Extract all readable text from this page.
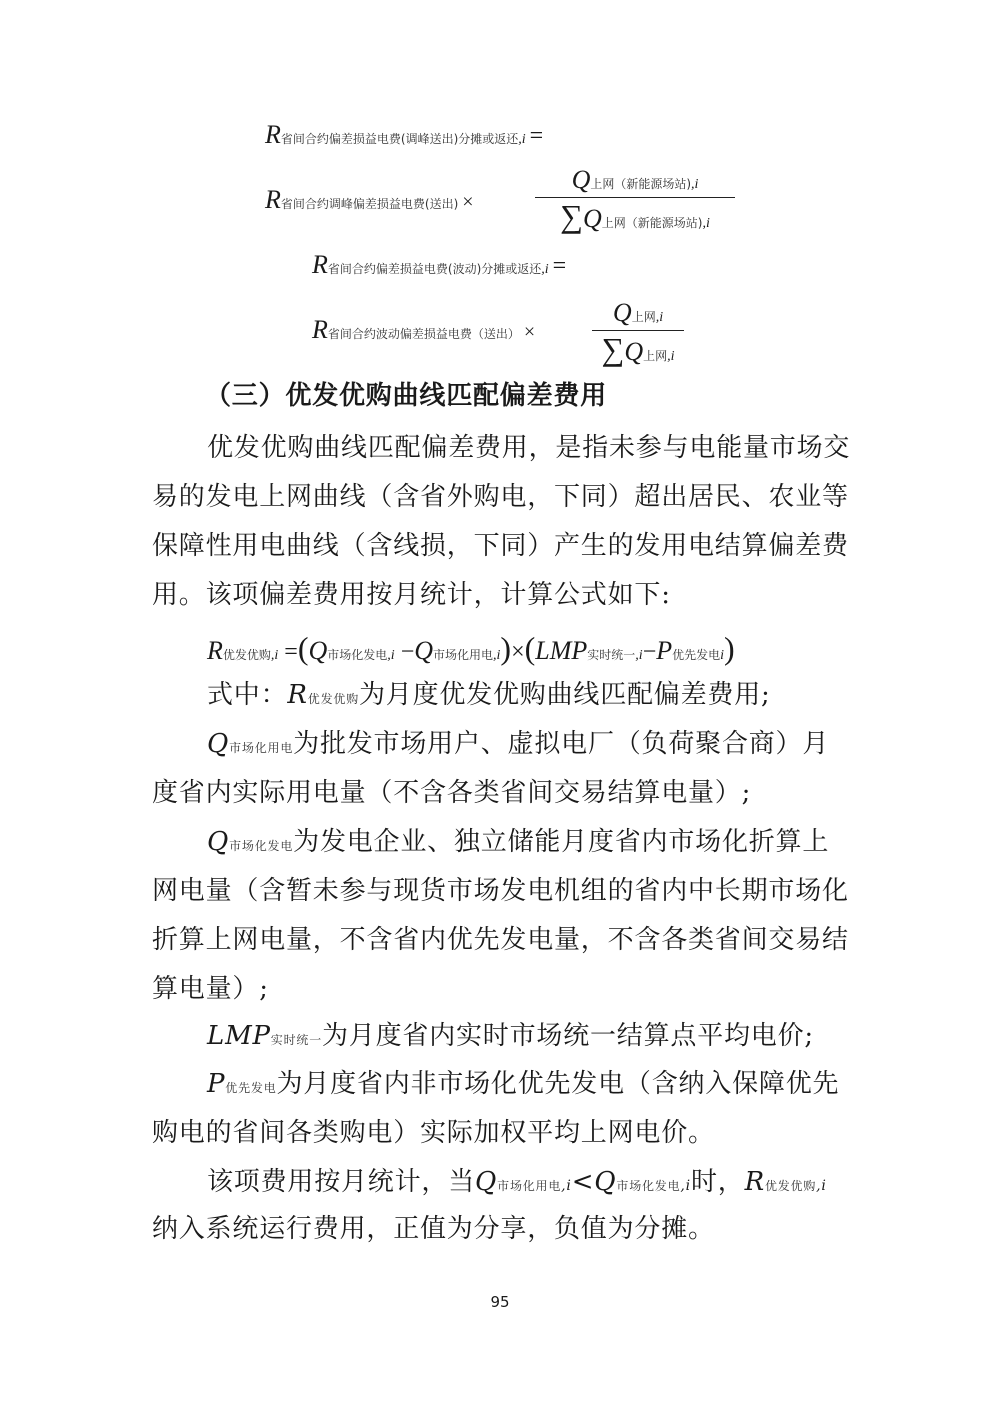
R省间合约偏差损益电费(调峰送出)分摊或返还,i =
R省间合约调峰偏差损益电费(送出) ×
Q上网（新能源场站),i
∑Q上网（新能源场站),i
R省间合约偏差损益电费(波动)分摊或返还,i =
R省间合约波动偏差损益电费（送出） ×
Q上网,i
∑Q上网,i
（三）优发优购曲线匹配偏差费用
优发优购曲线匹配偏差费用，是指未参与电能量市场交
易的发电上网曲线（含省外购电，下同）超出居民、农业等
保障性用电曲线（含线损，下同）产生的发用电结算偏差费
用。该项偏差费用按月统计，计算公式如下:
R优发优购,i =(Q市场化发电,i −Q市场化用电,i)×(LMP实时统一,i−P优先发电i)
式中：R优发优购为月度优发优购曲线匹配偏差费用;
Q市场化用电为批发市场用户、虚拟电厂（负荷聚合商）月
度省内实际用电量（不含各类省间交易结算电量）;
Q市场化发电为发电企业、独立储能月度省内市场化折算上
网电量（含暂未参与现货市场发电机组的省内中长期市场化
折算上网电量，不含省内优先发电量，不含各类省间交易结
算电量）;
LMP实时统一为月度省内实时市场统一结算点平均电价;
P优先发电为月度省内非市场化优先发电（含纳入保障优先
购电的省间各类购电）实际加权平均上网电价。
该项费用按月统计，当Q市场化用电,i<Q市场化发电,i时，R优发优购,i
纳入系统运行费用，正值为分享，负值为分摊。
95
